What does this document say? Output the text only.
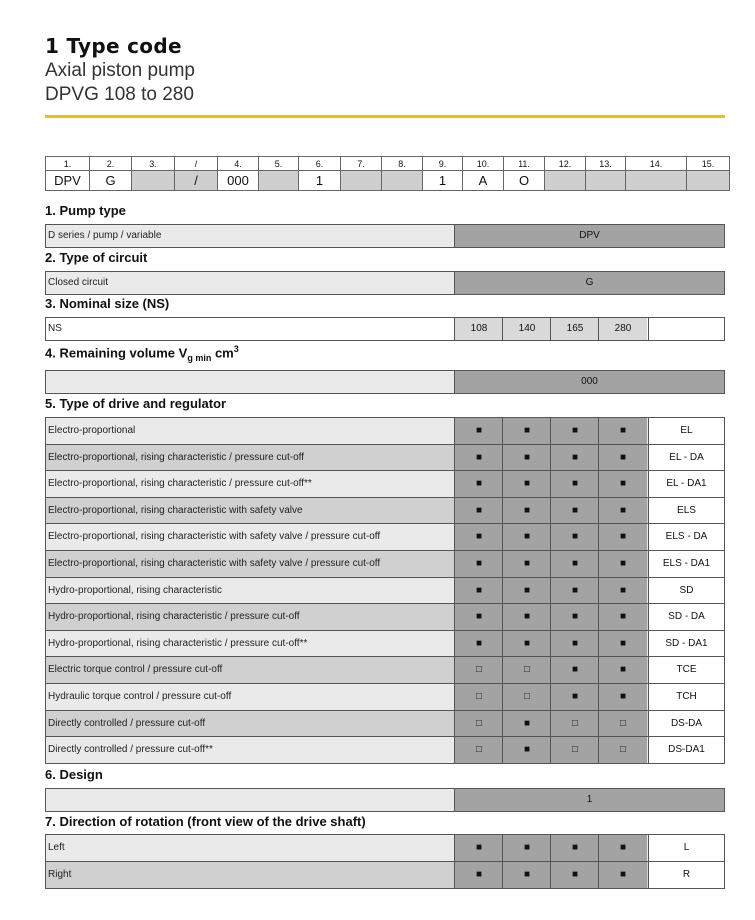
1 Type code
Axial piston pump
DPVG 108 to 280
1.	2.	3.	/	4.	5.	6.	7.	8.	9.	10.	11.	12.	13.	14.	15.
DPV	G		/	000		1			1	A	O				
1. Pump type
D series / pump / variable	DPV
2. Type of circuit
Closed circuit	G
3. Nominal size (NS)
NS	108	140	165	280
4. Remaining volume $V_{g min}$ $cm^3$
000
5. Type of drive and regulator
Electro-proportional	■	■	■	■	EL
Electro-proportional, rising characteristic / pressure cut-off	■	■	■	■	EL - DA
Electro-proportional, rising characteristic / pressure cut-off**	■	■	■	■	EL - DA1
Electro-proportional, rising characteristic with safety valve	■	■	■	■	ELS
Electro-proportional, rising characteristic with safety valve / pressure cut-off	■	■	■	■	ELS - DA
Electro-proportional, rising characteristic with safety valve / pressure cut-off	■	■	■	■	ELS - DA1
Hydro-proportional, rising characteristic	■	■	■	■	SD
Hydro-proportional, rising characteristic / pressure cut-off	■	■	■	■	SD - DA
Hydro-proportional, rising characteristic / pressure cut-off**	■	■	■	■	SD - DA1
Electric torque control / pressure cut-off	□	□	■	■	TCE
Hydraulic torque control / pressure cut-off	□	□	■	■	TCH
Directly controlled / pressure cut-off	□	■	□	□	DS-DA
Directly controlled / pressure cut-off**	□	■	□	□	DS-DA1
6. Design
1
7. Direction of rotation (front view of the drive shaft)
Left	■	■	■	■	L
Right	■	■	■	■	R
